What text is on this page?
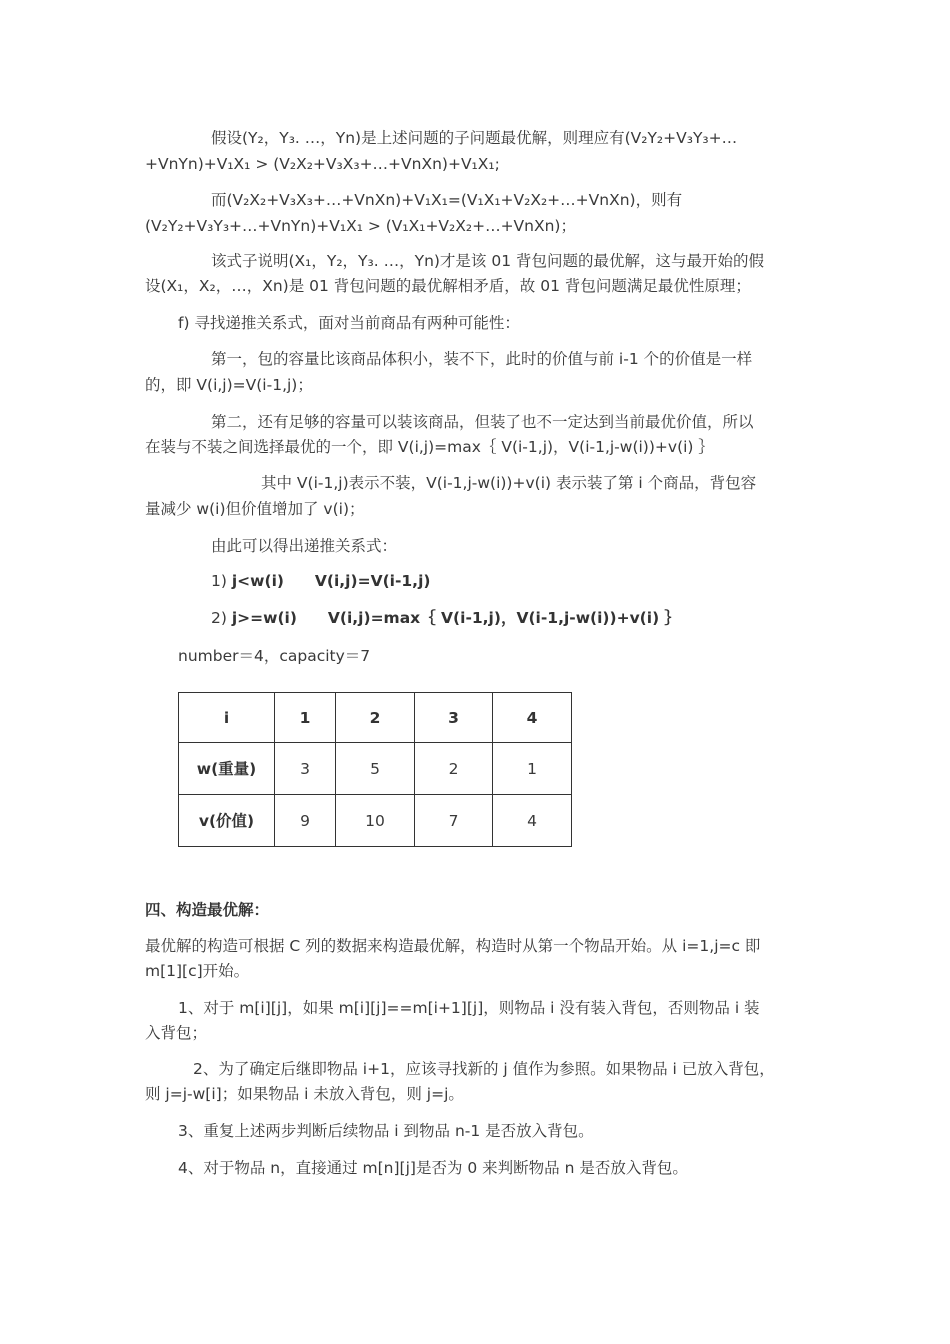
假设(Y₂，Y₃. …，Yn)是上述问题的子问题最优解，则理应有(V₂Y₂+V₃Y₃+…

+VnYn)+V₁X₁ > (V₂X₂+V₃X₃+…+VnXn)+V₁X₁;

而(V₂X₂+V₃X₃+…+VnXn)+V₁X₁=(V₁X₁+V₂X₂+…+VnXn)，则有

(V₂Y₂+V₃Y₃+…+VnYn)+V₁X₁ > (V₁X₁+V₂X₂+…+VnXn)；

该式子说明(X₁，Y₂，Y₃. …，Yn)才是该 01 背包问题的最优解，这与最开始的假

设(X₁，X₂，…，Xn)是 01 背包问题的最优解相矛盾，故 01 背包问题满足最优性原理；

f) 寻找递推关系式，面对当前商品有两种可能性：

第一，包的容量比该商品体积小，装不下，此时的价值与前 i-1 个的价值是一样

的，即 V(i,j)=V(i-1,j)；

第二，还有足够的容量可以装该商品，但装了也不一定达到当前最优价值，所以

在装与不装之间选择最优的一个，即 V(i,j)=max｛ V(i-1,j)，V(i-1,j-w(i))+v(i) ｝

其中 V(i-1,j)表示不装，V(i-1,j-w(i))+v(i) 表示装了第 i 个商品，背包容

量减少 w(i)但价值增加了 v(i)；

由此可以得出递推关系式：

1) j<w(i) V(i,j)=V(i-1,j)
2) j>=w(i) V(i,j)=max｛ V(i-1,j)，V(i-1,j-w(i))+v(i) ｝

number＝4，capacity＝7

i	1	2	3	4
w(重量)	3	5	2	1
v(价值)	9	10	7	4

四、构造最优解：

最优解的构造可根据 C 列的数据来构造最优解，构造时从第一个物品开始。从 i=1,j=c 即

m[1][c]开始。

1、对于 m[i][j]，如果 m[i][j]==m[i+1][j]，则物品 i 没有装入背包，否则物品 i 装

入背包；

2、为了确定后继即物品 i+1，应该寻找新的 j 值作为参照。如果物品 i 已放入背包，

则 j=j-w[i]；如果物品 i 未放入背包，则 j=j。

3、重复上述两步判断后续物品 i 到物品 n-1 是否放入背包。

4、对于物品 n，直接通过 m[n][j]是否为 0 来判断物品 n 是否放入背包。
